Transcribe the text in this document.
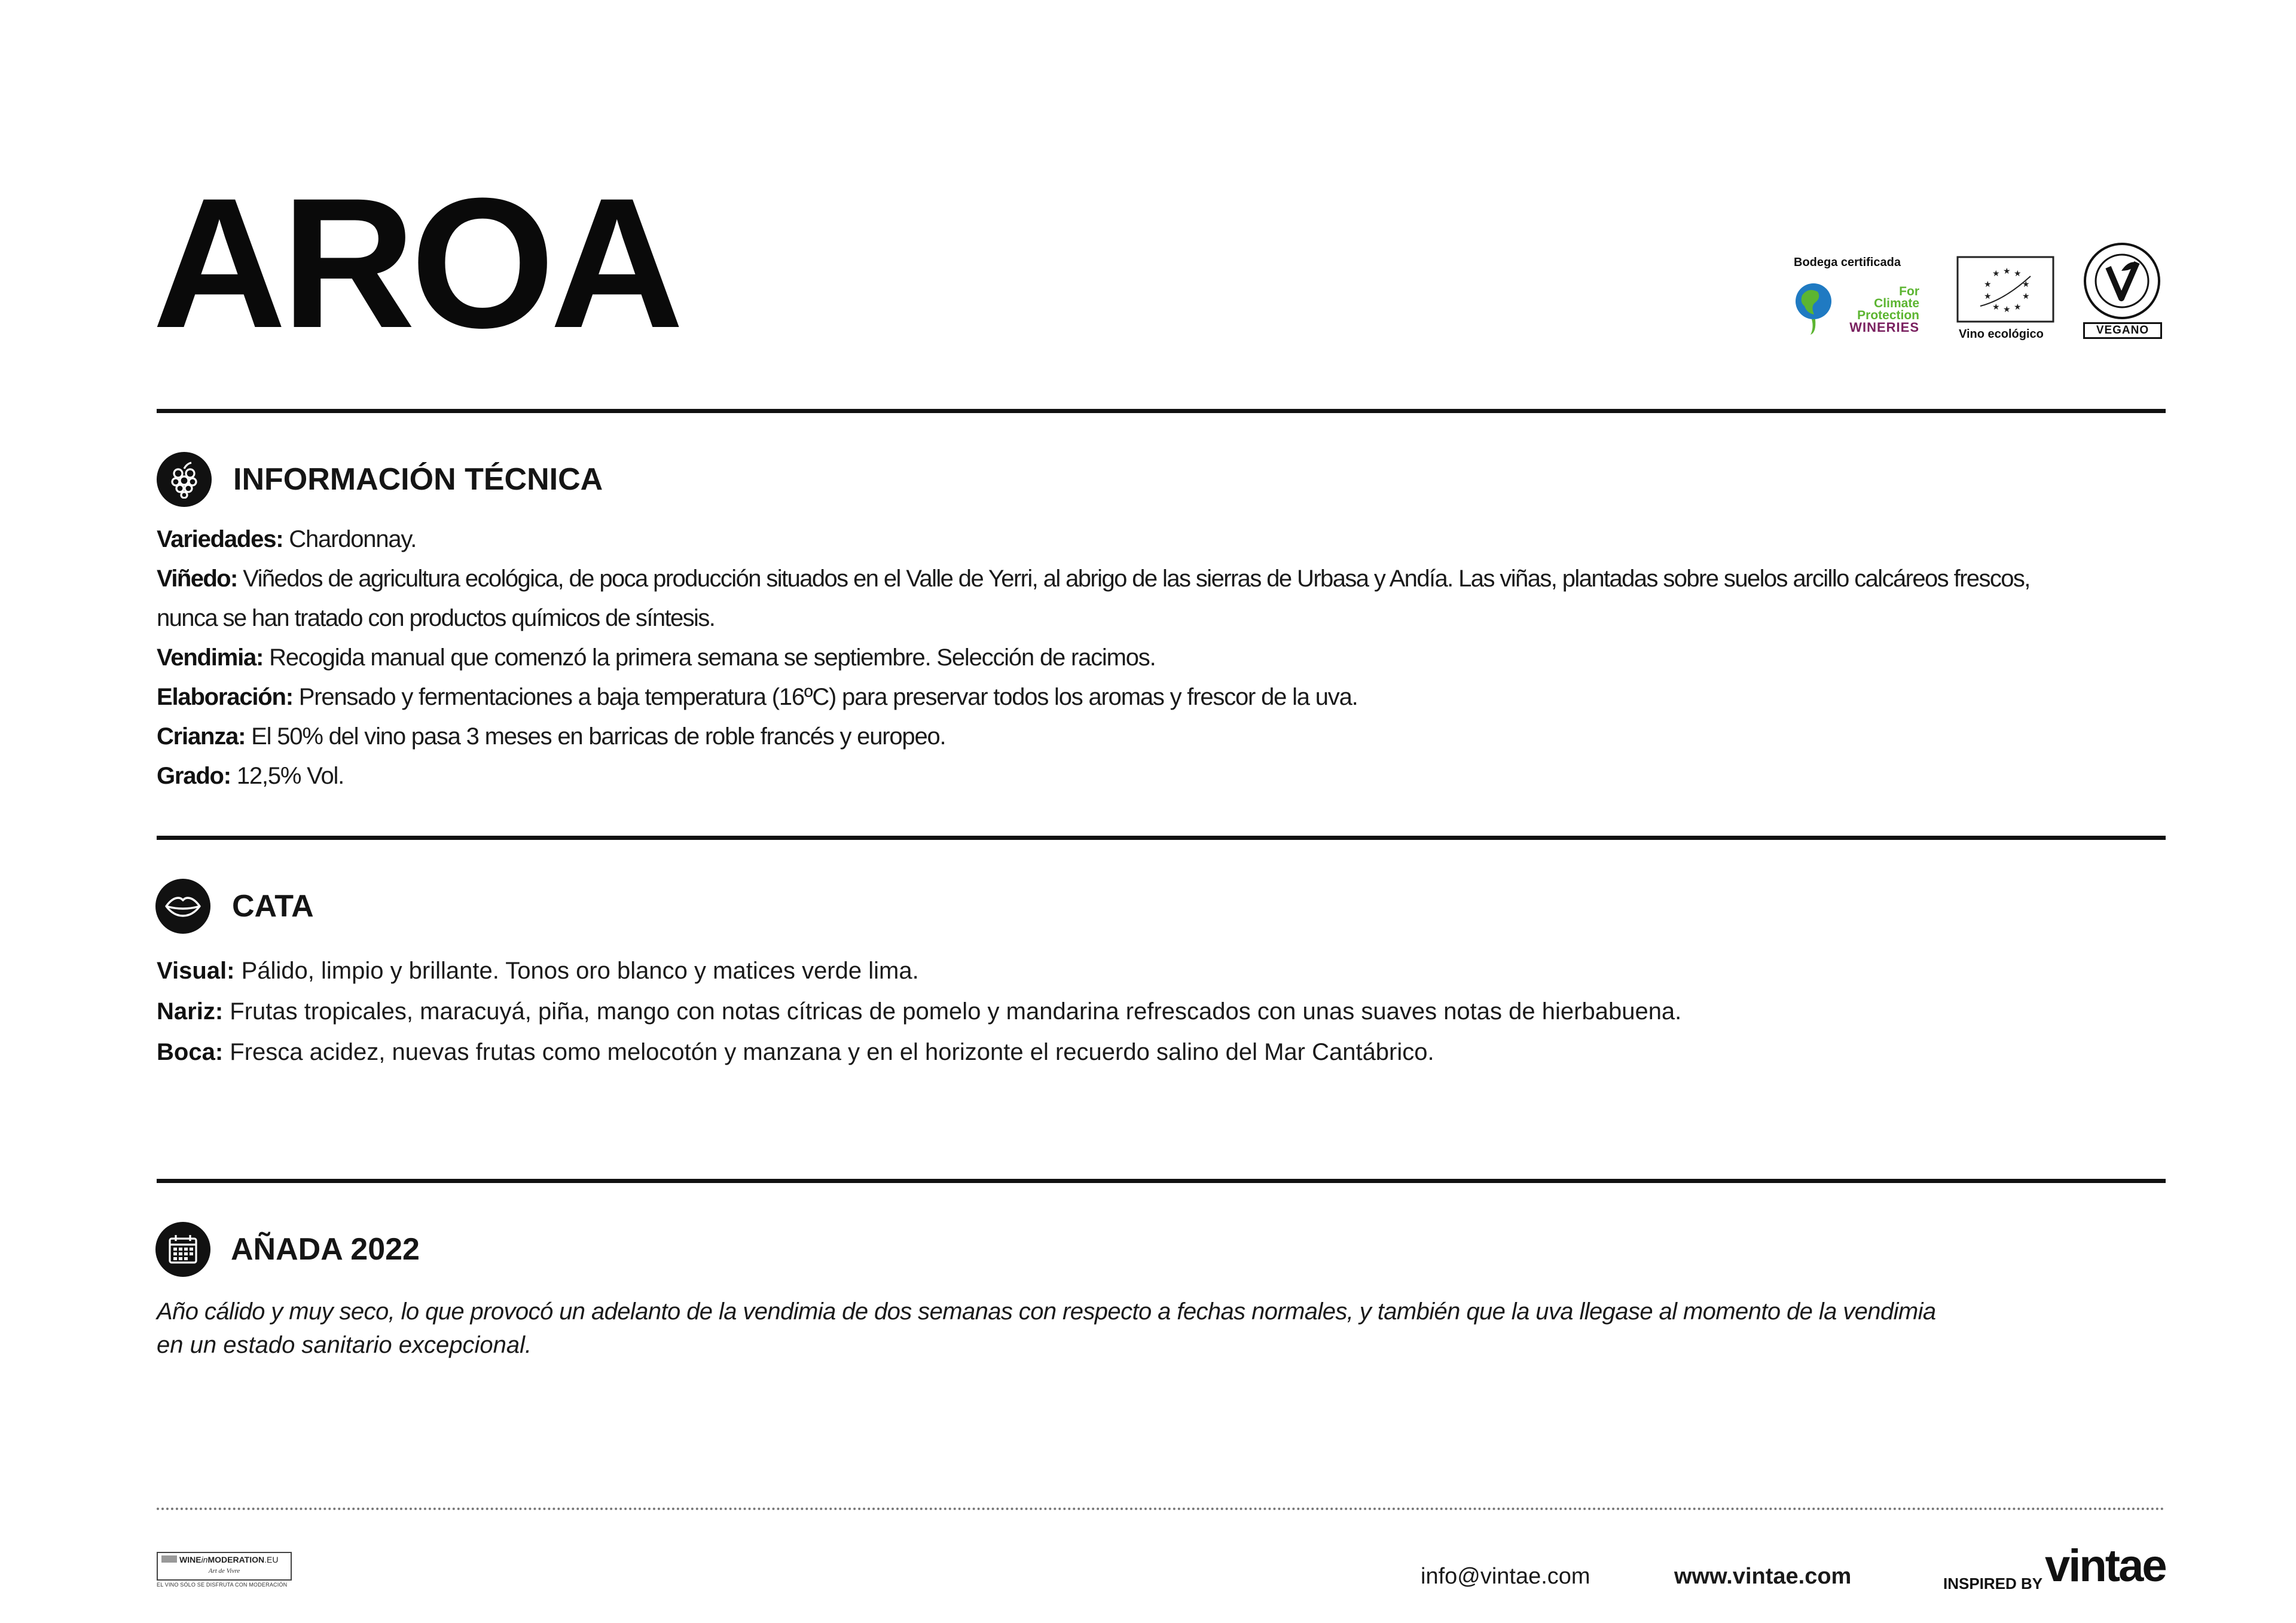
AROA	Bodega certificada
For
Climate
Protection
WINERIES
★ ★ ★
★	★
★	★
★ ★ ★
Vino ecológico	VEGANO
INFORMACIÓN TÉCNICA
Variedades: Chardonnay.
Viñedo: Viñedos de agricultura ecológica, de poca producción situados en el Valle de Yerri, al abrigo de las sierras de Urbasa y Andía. Las viñas, plantadas sobre suelos arcillo calcáreos frescos,
nunca se han tratado con productos químicos de síntesis.
Vendimia: Recogida manual que comenzó la primera semana se septiembre. Selección de racimos.
Elaboración: Prensado y fermentaciones a baja temperatura (16ºC) para preservar todos los aromas y frescor de la uva.
Crianza: El 50% del vino pasa 3 meses en barricas de roble francés y europeo.
Grado: 12,5% Vol.
CATA
Visual: Pálido, limpio y brillante. Tonos oro blanco y matices verde lima.
Nariz: Frutas tropicales, maracuyá, piña, mango con notas cítricas de pomelo y mandarina refrescados con unas suaves notas de hierbabuena.
Boca: Fresca acidez, nuevas frutas como melocotón y manzana y en el horizonte el recuerdo salino del Mar Cantábrico.
AÑADA 2022
Año cálido y muy seco, lo que provocó un adelanto de la vendimia de dos semanas con respecto a fechas normales, y también que la uva llegase al momento de la vendimia
en un estado sanitario excepcional.
WINEinMODERATION.EU
Art de Vivre
EL VINO SÓLO SE DISFRUTA CON MODERACIÓN	info@vintae.com	www.vintae.com	INSPIRED BY vintae
